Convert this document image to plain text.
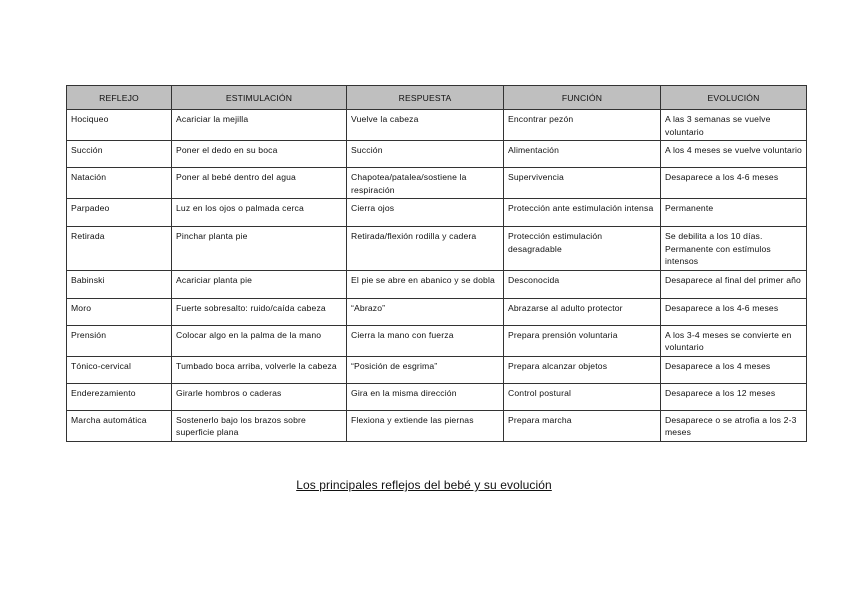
REFLEJO	ESTIMULACIÓN	RESPUESTA	FUNCIÓN	EVOLUCIÓN
Hociqueo	Acariciar la mejilla	Vuelve la cabeza	Encontrar pezón	A las 3 semanas se vuelve voluntario
Succión	Poner el dedo en su boca	Succión	Alimentación	A los 4 meses se vuelve voluntario
Natación	Poner al bebé dentro del agua	Chapotea/patalea/sostiene la respiración	Supervivencia	Desaparece a los 4-6 meses
Parpadeo	Luz en los ojos o palmada cerca	Cierra ojos	Protección ante estimulación intensa	Permanente
Retirada	Pinchar planta pie	Retirada/flexión rodilla y cadera	Protección estimulación desagradable	Se debilita a los 10 días. Permanente con estímulos intensos
Babinski	Acariciar planta pie	El pie se abre en abanico y se dobla	Desconocida	Desaparece al final del primer año
Moro	Fuerte sobresalto: ruido/caída cabeza	“Abrazo”	Abrazarse al adulto protector	Desaparece a los 4-6 meses
Prensión	Colocar algo en la palma de la mano	Cierra la mano con fuerza	Prepara prensión voluntaria	A los 3-4 meses se convierte en voluntario
Tónico-cervical	Tumbado boca arriba, volverle la cabeza	“Posición de esgrima”	Prepara alcanzar objetos	Desaparece a los 4 meses
Enderezamiento	Girarle hombros o caderas	Gira en la misma dirección	Control postural	Desaparece a los 12 meses
Marcha automática	Sostenerlo bajo los brazos sobre superficie plana	Flexiona y extiende las piernas	Prepara marcha	Desaparece o se atrofia a los 2-3 meses
Los principales reflejos del bebé y su evolución
